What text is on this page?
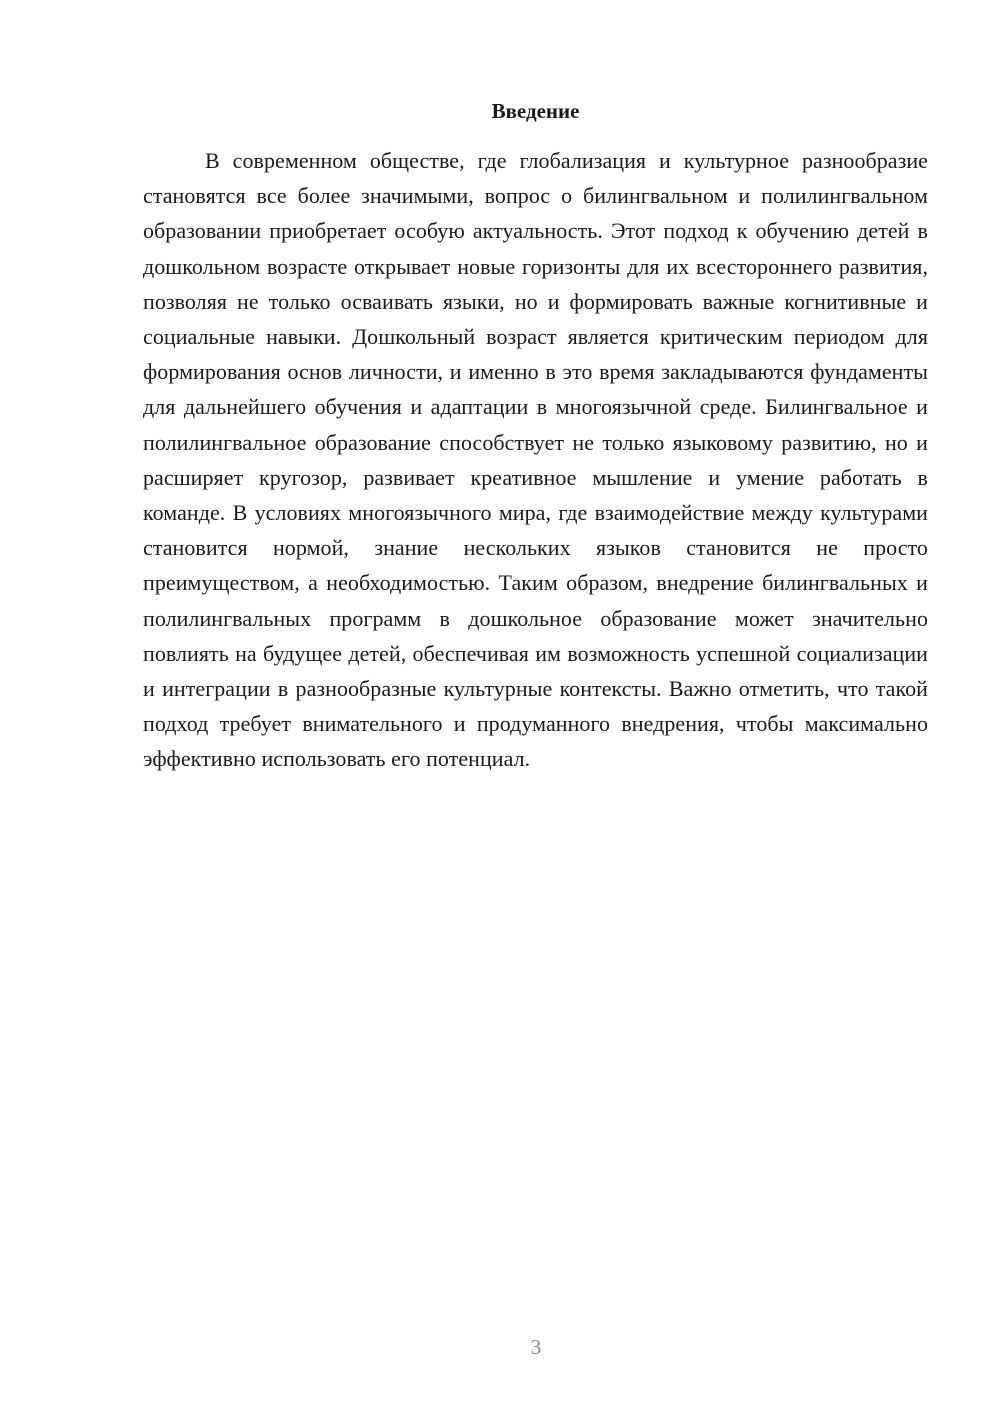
Введение

В современном обществе, где глобализация и культурное разнообразие становятся все более значимыми, вопрос о билингвальном и полилингвальном образовании приобретает особую актуальность. Этот подход к обучению детей в дошкольном возрасте открывает новые горизонты для их всестороннего развития, позволяя не только осваивать языки, но и формировать важные когнитивные и социальные навыки. Дошкольный возраст является критическим периодом для формирования основ личности, и именно в это время закладываются фундаменты для дальнейшего обучения и адаптации в многоязычной среде. Билингвальное и полилингвальное образование способствует не только языковому развитию, но и расширяет кругозор, развивает креативное мышление и умение работать в команде. В условиях многоязычного мира, где взаимодействие между культурами становится нормой, знание нескольких языков становится не просто преимуществом, а необходимостью. Таким образом, внедрение билингвальных и полилингвальных программ в дошкольное образование может значительно повлиять на будущее детей, обеспечивая им возможность успешной социализации и интеграции в разнообразные культурные контексты. Важно отметить, что такой подход требует внимательного и продуманного внедрения, чтобы максимально эффективно использовать его потенциал.

3
